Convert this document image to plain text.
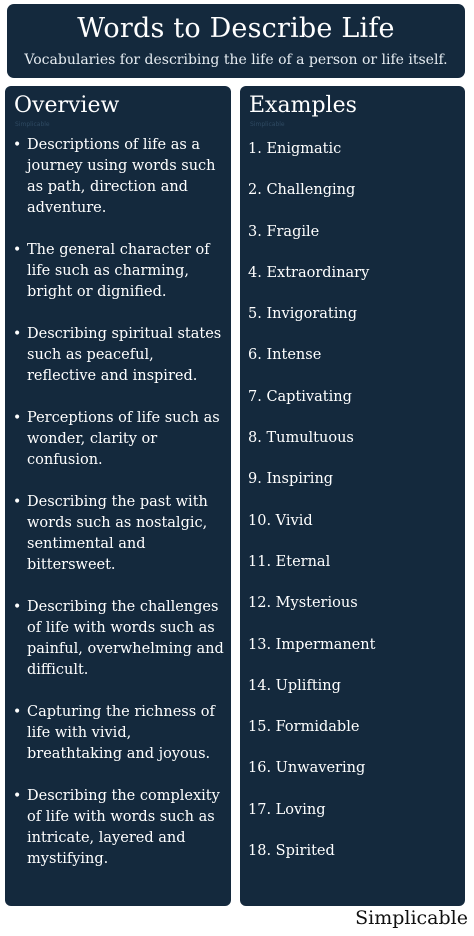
Words to Describe Life
Vocabularies for describing the life of a person or life itself.
Overview
Simplicable
• Descriptions of life as a journey using words such as path, direction and adventure.
• The general character of life such as charming, bright or dignified.
• Describing spiritual states such as peaceful, reflective and inspired.
• Perceptions of life such as wonder, clarity or confusion.
• Describing the past with words such as nostalgic, sentimental and bittersweet.
• Describing the challenges of life with words such as painful, overwhelming and difficult.
• Capturing the richness of life with vivid, breathtaking and joyous.
• Describing the complexity of life with words such as intricate, layered and mystifying.
Examples
Simplicable
1. Enigmatic
2. Challenging
3. Fragile
4. Extraordinary
5. Invigorating
6. Intense
7. Captivating
8. Tumultuous
9. Inspiring
10. Vivid
11. Eternal
12. Mysterious
13. Impermanent
14. Uplifting
15. Formidable
16. Unwavering
17. Loving
18. Spirited
Simplicable
